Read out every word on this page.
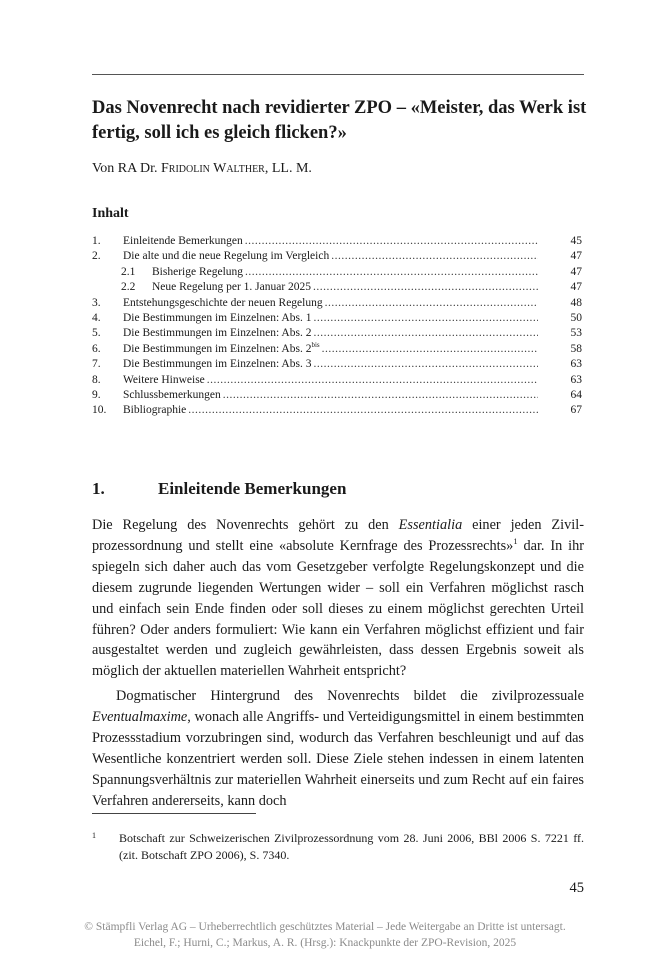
Das Novenrecht nach revidierter ZPO – «Meister, das Werk ist fertig, soll ich es gleich flicken?»

Von RA Dr. Fridolin Walther, LL. M.

Inhalt
1.	Einleitende Bemerkungen .....	45
2.	Die alte und die neue Regelung im Vergleich .....	47
2.1	Bisherige Regelung .....	47
2.2	Neue Regelung per 1. Januar 2025 .....	47
3.	Entstehungsgeschichte der neuen Regelung .....	48
4.	Die Bestimmungen im Einzelnen: Abs. 1 .....	50
5.	Die Bestimmungen im Einzelnen: Abs. 2 .....	53
6.	Die Bestimmungen im Einzelnen: Abs. $2^{bis}$ .....	58
7.	Die Bestimmungen im Einzelnen: Abs. 3 .....	63
8.	Weitere Hinweise .....	63
9.	Schlussbemerkungen .....	64
10.	Bibliographie .....	67
1.	Einleitende Bemerkungen

Die Regelung des Novenrechts gehört zu den Essentialia einer jeden Zivilprozessordnung und stellt eine «absolute Kernfrage des Prozessrechts»$^1$ dar. In ihr spiegeln sich daher auch das vom Gesetzgeber verfolgte Regelungskonzept und die diesem zugrunde liegenden Wertungen wider – soll ein Verfahren möglichst rasch und einfach sein Ende finden oder soll dieses zu einem möglichst gerechten Urteil führen? Oder anders formuliert: Wie kann ein Verfahren möglichst effizient und fair ausgestaltet werden und zugleich gewährleisten, dass dessen Ergebnis soweit als möglich der aktuellen materiellen Wahrheit entspricht?

Dogmatischer Hintergrund des Novenrechts bildet die zivilprozessuale Eventualmaxime, wonach alle Angriffs- und Verteidigungsmittel in einem bestimmten Prozessstadium vorzubringen sind, wodurch das Verfahren beschleunigt und auf das Wesentliche konzentriert werden soll. Diese Ziele stehen indessen in einem latenten Spannungsverhältnis zur materiellen Wahrheit einerseits und zum Recht auf ein faires Verfahren andererseits, kann doch

1	Botschaft zur Schweizerischen Zivilprozessordnung vom 28. Juni 2006, BBl 2006 S. 7221 ff. (zit. Botschaft ZPO 2006), S. 7340.
45
© Stämpfli Verlag AG – Urheberrechtlich geschütztes Material – Jede Weitergabe an Dritte ist untersagt.
Eichel, F.; Hurni, C.; Markus, A. R. (Hrsg.): Knackpunkte der ZPO-Revision, 2025
